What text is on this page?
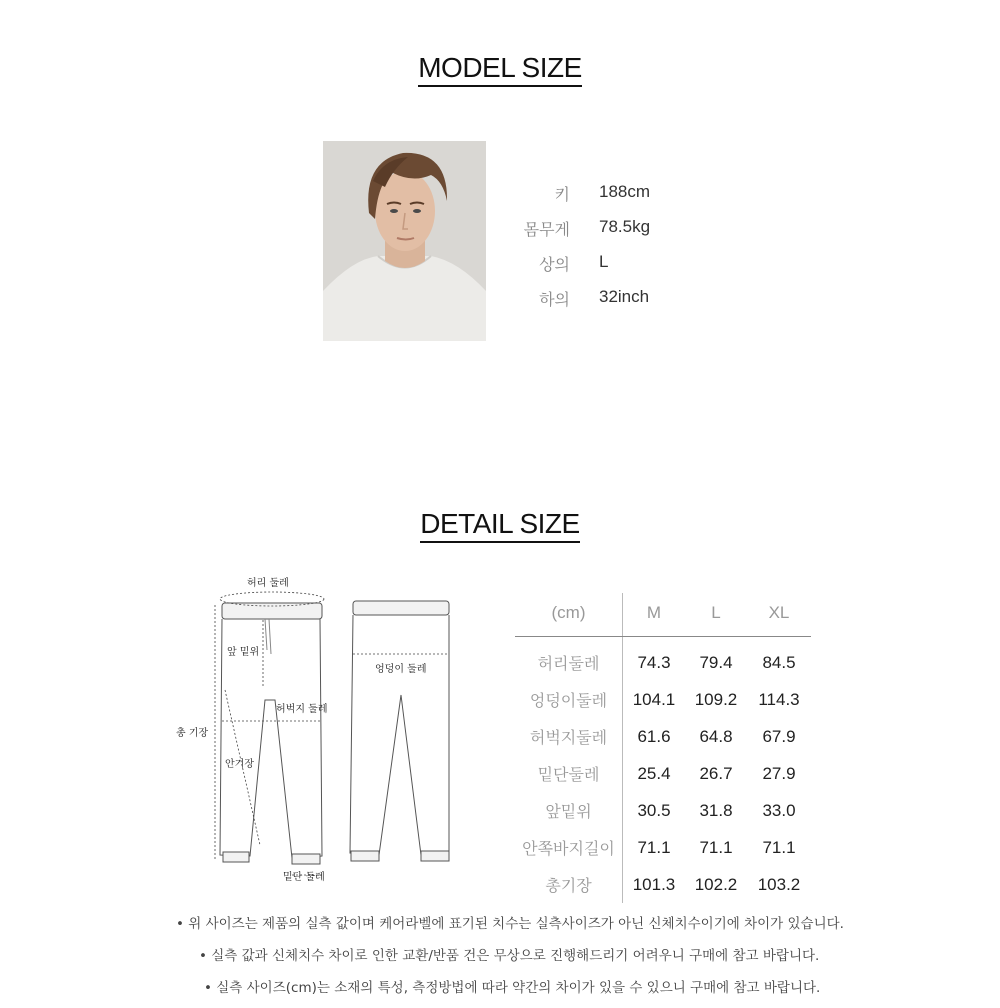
MODEL SIZE
키 188cm
몸무게 78.5kg
상의 L
하의 32inch
DETAIL SIZE
허리 둘레
앞 밑위
총 기장
허벅지 둘레
안기장
밑단 둘레
엉덩이 둘레
(cm)	M	L	XL
허리둘레	74.3	79.4	84.5
엉덩이둘레	104.1	109.2	114.3
허벅지둘레	61.6	64.8	67.9
밑단둘레	25.4	26.7	27.9
앞밑위	30.5	31.8	33.0
안쪽바지길이	71.1	71.1	71.1
총기장	101.3	102.2	103.2
• 위 사이즈는 제품의 실측 값이며 케어라벨에 표기된 치수는 실측사이즈가 아닌 신체치수이기에 차이가 있습니다.
• 실측 값과 신체치수 차이로 인한 교환/반품 건은 무상으로 진행해드리기 어려우니 구매에 참고 바랍니다.
• 실측 사이즈(cm)는 소재의 특성, 측정방법에 따라 약간의 차이가 있을 수 있으니 구매에 참고 바랍니다.
